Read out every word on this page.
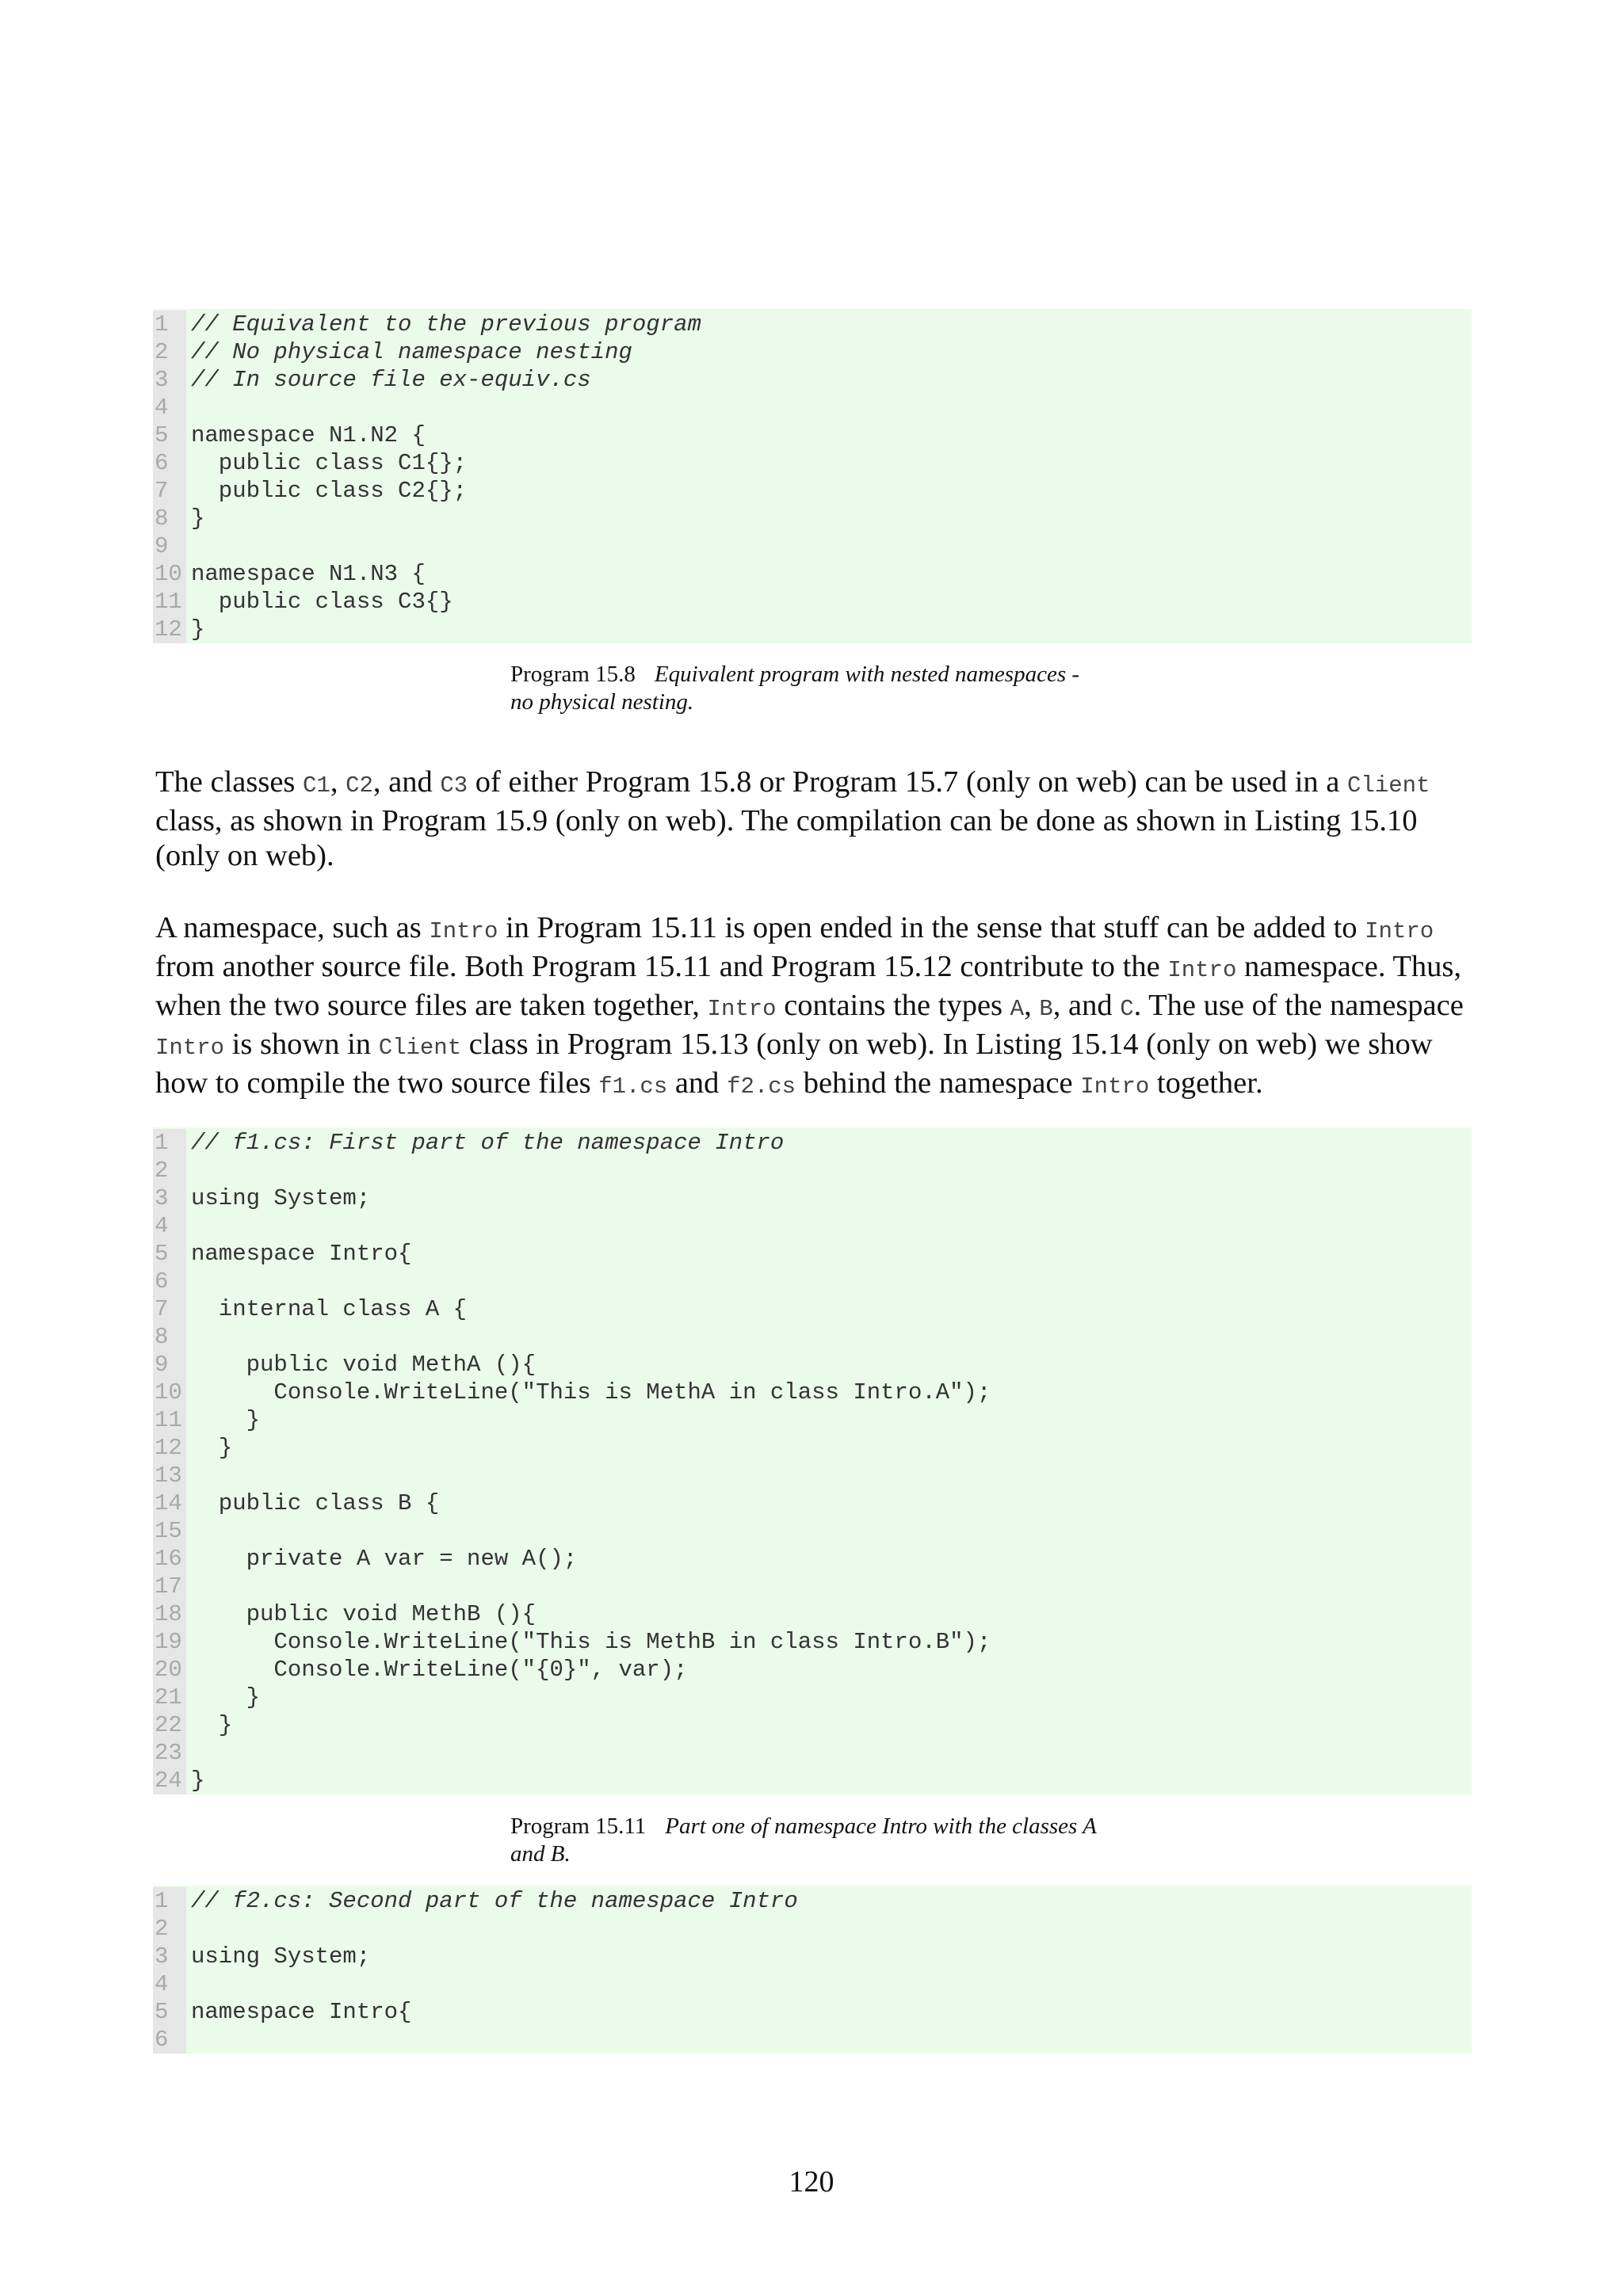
1 // Equivalent to the previous program
2 // No physical namespace nesting
3 // In source file ex-equiv.cs
4
5 namespace N1.N2 {
6 public class C1{};
7 public class C2{};
8 }
9
10 namespace N1.N3 {
11 public class C3{}
12 }
Program 15.8 Equivalent program with nested namespaces -
no physical nesting.

The classes C1, C2, and C3 of either Program 15.8 or Program 15.7 (only on web) can be used in a Client class, as shown in Program 15.9 (only on web). The compilation can be done as shown in Listing 15.10 (only on web).

A namespace, such as Intro in Program 15.11 is open ended in the sense that stuff can be added to Intro from another source file. Both Program 15.11 and Program 15.12 contribute to the Intro namespace. Thus, when the two source files are taken together, Intro contains the types A, B, and C. The use of the namespace Intro is shown in Client class in Program 15.13 (only on web). In Listing 15.14 (only on web) we show how to compile the two source files f1.cs and f2.cs behind the namespace Intro together.

1 // f1.cs: First part of the namespace Intro
2
3 using System;
4
5 namespace Intro{
6
7 internal class A {
8
9 public void MethA (){
10 Console.WriteLine("This is MethA in class Intro.A");
11 }
12 }
13
14 public class B {
15
16 private A var = new A();
17
18 public void MethB (){
19 Console.WriteLine("This is MethB in class Intro.B");
20 Console.WriteLine("{0}", var);
21 }
22 }
23
24 }
Program 15.11 Part one of namespace Intro with the classes A
and B.
1 // f2.cs: Second part of the namespace Intro
2
3 using System;
4
5 namespace Intro{
6
120
